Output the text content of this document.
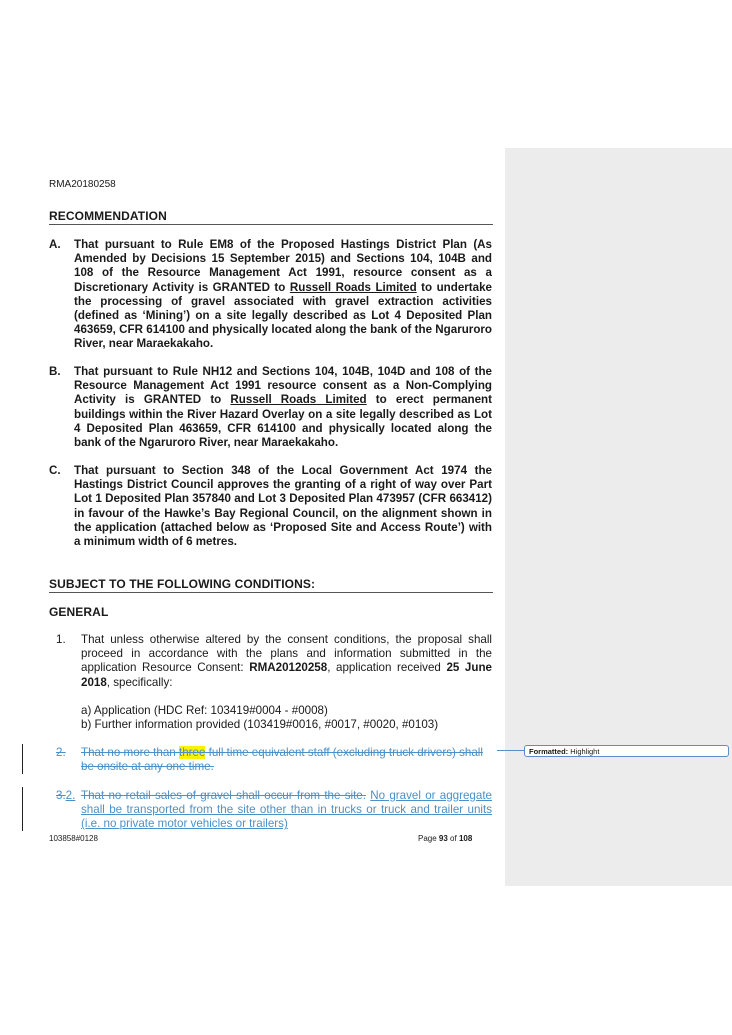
RMA20180258
RECOMMENDATION
A. That pursuant to Rule EM8 of the Proposed Hastings District Plan (As Amended by Decisions 15 September 2015) and Sections 104, 104B and 108 of the Resource Management Act 1991, resource consent as a Discretionary Activity is GRANTED to Russell Roads Limited to undertake the processing of gravel associated with gravel extraction activities (defined as ‘Mining’) on a site legally described as Lot 4 Deposited Plan 463659, CFR 614100 and physically located along the bank of the Ngaruroro River, near Maraekakaho.
B. That pursuant to Rule NH12 and Sections 104, 104B, 104D and 108 of the Resource Management Act 1991 resource consent as a Non-Complying Activity is GRANTED to Russell Roads Limited to erect permanent buildings within the River Hazard Overlay on a site legally described as Lot 4 Deposited Plan 463659, CFR 614100 and physically located along the bank of the Ngaruroro River, near Maraekakaho.
C. That pursuant to Section 348 of the Local Government Act 1974 the Hastings District Council approves the granting of a right of way over Part Lot 1 Deposited Plan 357840 and Lot 3 Deposited Plan 473957 (CFR 663412) in favour of the Hawke’s Bay Regional Council, on the alignment shown in the application (attached below as ‘Proposed Site and Access Route’) with a minimum width of 6 metres.
SUBJECT TO THE FOLLOWING CONDITIONS:
GENERAL
1. That unless otherwise altered by the consent conditions, the proposal shall proceed in accordance with the plans and information submitted in the application Resource Consent: RMA20120258, application received 25 June 2018, specifically:
a) Application (HDC Ref: 103419#0004 - #0008)
b) Further information provided (103419#0016, #0017, #0020, #0103)
2. That no more than three full time equivalent staff (excluding truck drivers) shall be onsite at any one time.
Formatted: Highlight
3.2. That no retail sales of gravel shall occur from the site. No gravel or aggregate shall be transported from the site other than in trucks or truck and trailer units (i.e. no private motor vehicles or trailers)
103858#0128	Page 93 of 108
